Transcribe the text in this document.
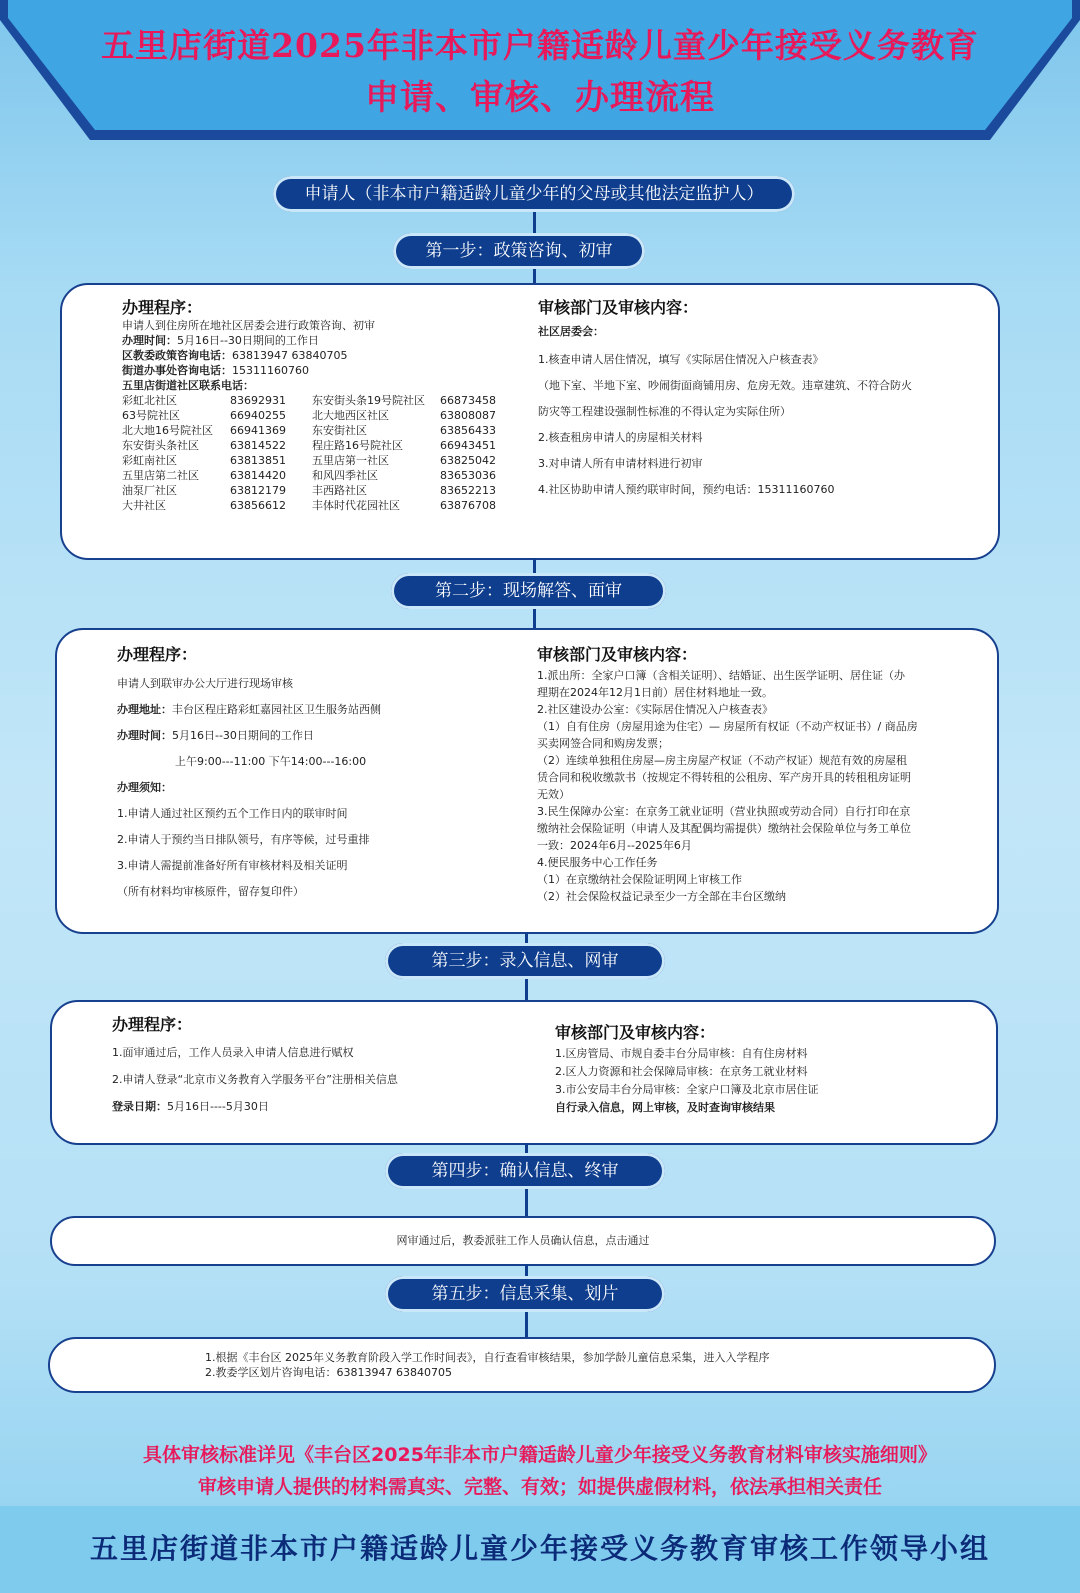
五里店街道2025年非本市户籍适龄儿童少年接受义务教育
申请、审核、办理流程
申请人（非本市户籍适龄儿童少年的父母或其他法定监护人）
第一步：政策咨询、初审
办理程序：
申请人到住房所在地社区居委会进行政策咨询、初审
办理时间：5月16日--30日期间的工作日
区教委政策咨询电话：63813947 63840705
街道办事处咨询电话：15311160760
五里店街道社区联系电话：
彩虹北社区	83692931	东安街头条19号院社区	66873458
63号院社区	66940255	北大地西区社区	63808087
北大地16号院社区	66941369	东安街社区	63856433
东安街头条社区	63814522	程庄路16号院社区	66943451
彩虹南社区	63813851	五里店第一社区	63825042
五里店第二社区	63814420	和风四季社区	83653036
油泵厂社区	63812179	丰西路社区	83652213
大井社区	63856612	丰体时代花园社区	63876708
审核部门及审核内容：
社区居委会：
1.核查申请人居住情况，填写《实际居住情况入户核查表》
（地下室、半地下室、吵闹街面商铺用房、危房无效。违章建筑、不符合防火
防灾等工程建设强制性标准的不得认定为实际住所）
2.核查租房申请人的房屋相关材料
3.对申请人所有申请材料进行初审
4.社区协助申请人预约联审时间，预约电话：15311160760
第二步：现场解答、面审
办理程序：
申请人到联审办公大厅进行现场审核
办理地址：丰台区程庄路彩虹嘉园社区卫生服务站西侧
办理时间：5月16日--30日期间的工作日
上午9:00---11:00 下午14:00---16:00
办理须知：
1.申请人通过社区预约五个工作日内的联审时间
2.申请人于预约当日排队领号，有序等候，过号重排
3.申请人需提前准备好所有审核材料及相关证明
（所有材料均审核原件，留存复印件）
审核部门及审核内容：
1.派出所：全家户口簿（含相关证明）、结婚证、出生医学证明、居住证（办
理期在2024年12月1日前）居住材料地址一致。
2.社区建设办公室：《实际居住情况入户核查表》
（1）自有住房（房屋用途为住宅）— 房屋所有权证（不动产权证书）/ 商品房
买卖网签合同和购房发票；
（2）连续单独租住房屋—房主房屋产权证（不动产权证）规范有效的房屋租
赁合同和税收缴款书（按规定不得转租的公租房、军产房开具的转租租房证明
无效）
3.民生保障办公室：在京务工就业证明（营业执照或劳动合同）自行打印在京
缴纳社会保险证明（申请人及其配偶均需提供）缴纳社会保险单位与务工单位
一致：2024年6月--2025年6月
4.便民服务中心工作任务
（1）在京缴纳社会保险证明网上审核工作
（2）社会保险权益记录至少一方全部在丰台区缴纳
第三步：录入信息、网审
办理程序：
1.面审通过后，工作人员录入申请人信息进行赋权
2.申请人登录“北京市义务教育入学服务平台”注册相关信息
登录日期：5月16日----5月30日
审核部门及审核内容：
1.区房管局、市规自委丰台分局审核：自有住房材料
2.区人力资源和社会保障局审核：在京务工就业材料
3.市公安局丰台分局审核：全家户口簿及北京市居住证
自行录入信息，网上审核，及时查询审核结果
第四步：确认信息、终审
网审通过后，教委派驻工作人员确认信息，点击通过
第五步：信息采集、划片
1.根据《丰台区 2025年义务教育阶段入学工作时间表》，自行查看审核结果，参加学龄儿童信息采集，进入入学程序
2.教委学区划片咨询电话：63813947 63840705
具体审核标准详见《丰台区2025年非本市户籍适龄儿童少年接受义务教育材料审核实施细则》
审核申请人提供的材料需真实、完整、有效；如提供虚假材料，依法承担相关责任
五里店街道非本市户籍适龄儿童少年接受义务教育审核工作领导小组
